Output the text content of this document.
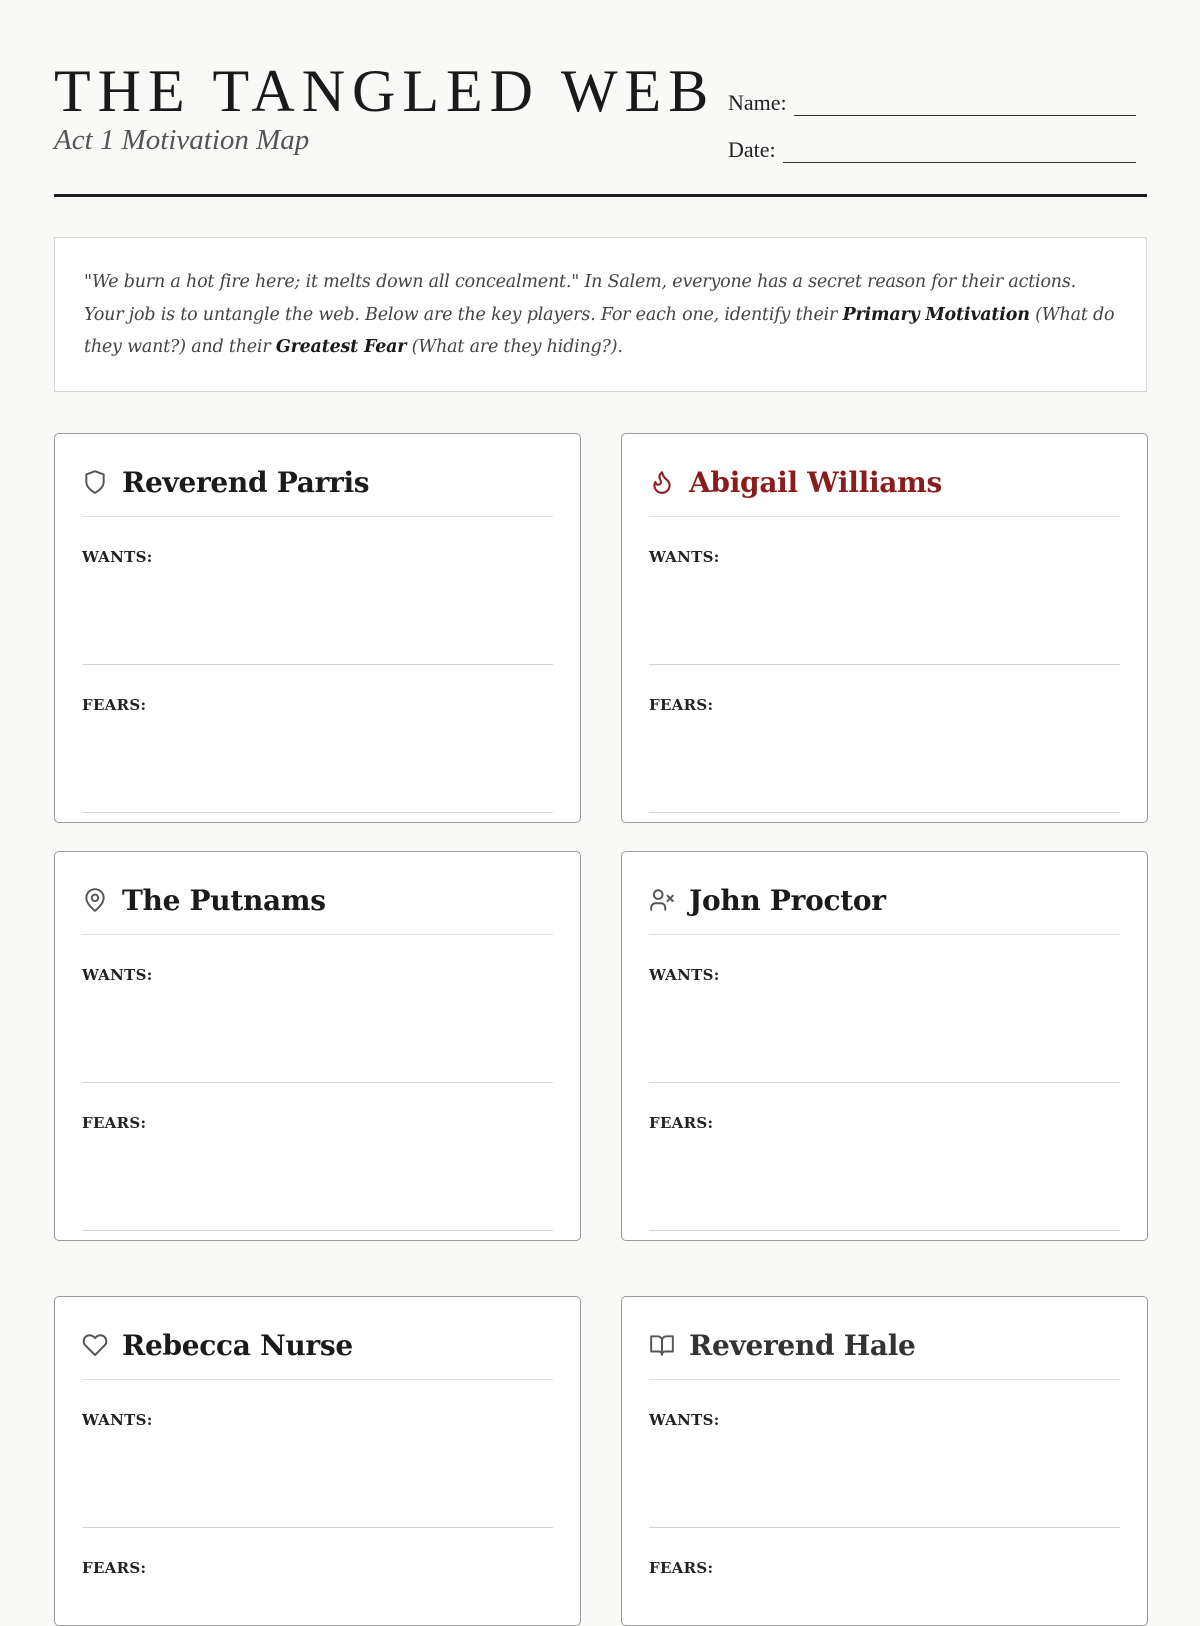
THE TANGLED WEB
Act 1 Motivation Map
Name:
Date:
"We burn a hot fire here; it melts down all concealment." In Salem, everyone has a secret reason for their actions. Your job is to untangle the web. Below are the key players. For each one, identify their Primary Motivation (What do they want?) and their Greatest Fear (What are they hiding?).
Reverend Parris
WANTS:
FEARS:
Abigail Williams
WANTS:
FEARS:
The Putnams
WANTS:
FEARS:
John Proctor
WANTS:
FEARS:
Rebecca Nurse
WANTS:
FEARS:
Reverend Hale
WANTS:
FEARS:
